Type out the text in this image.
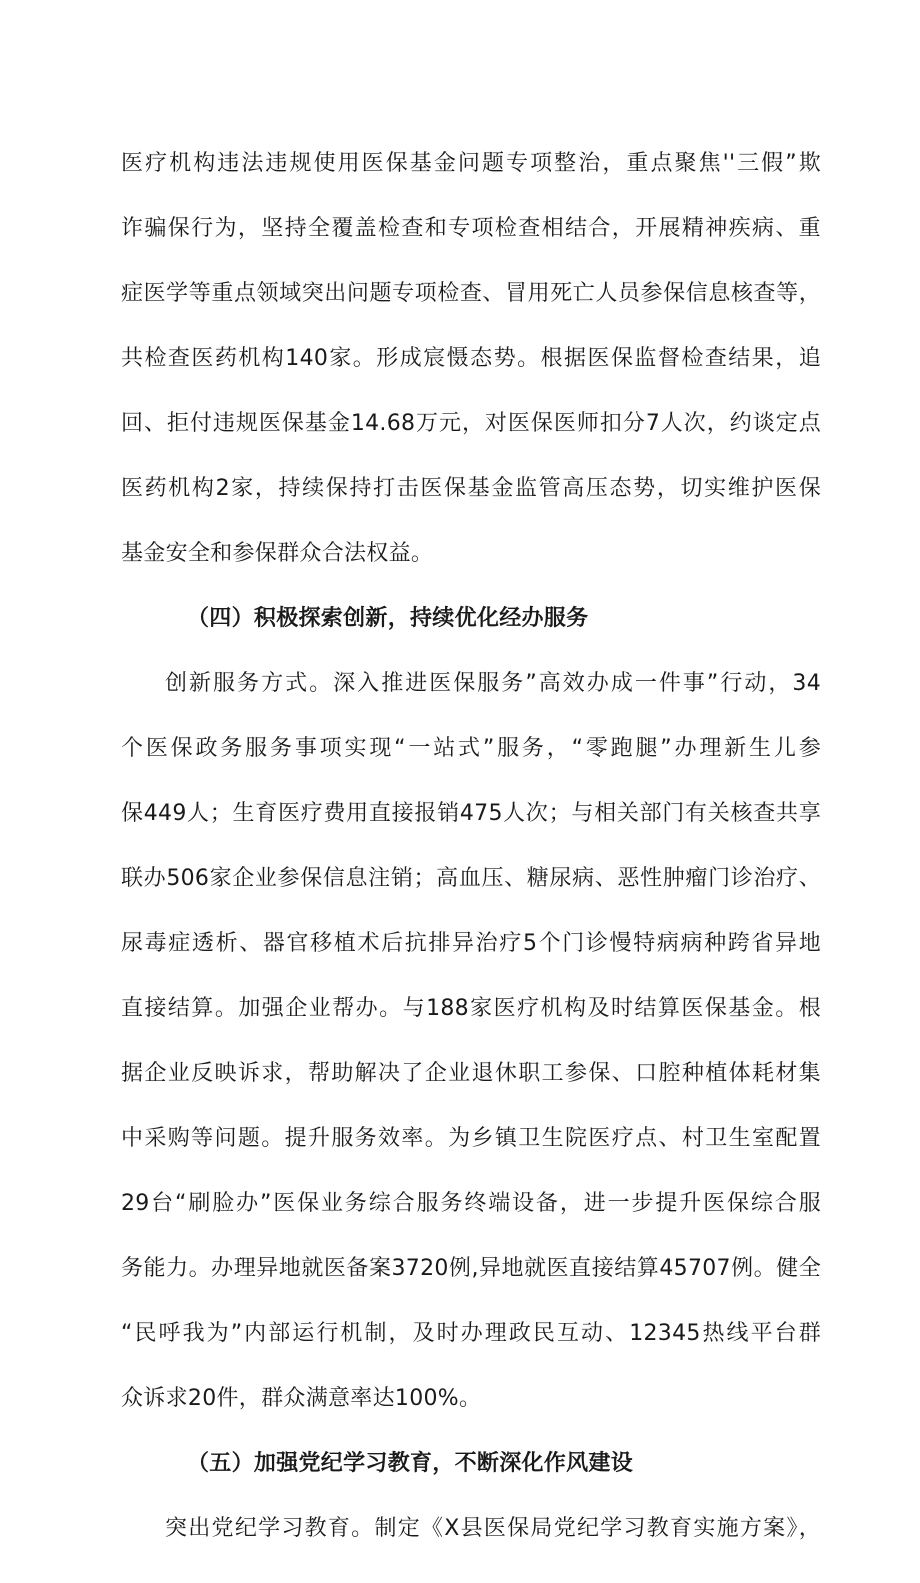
医疗机构违法违规使用医保基金问题专项整治，重点聚焦''三假”欺
诈骗保行为，坚持全覆盖检查和专项检查相结合，开展精神疾病、重
症医学等重点领域突出问题专项检查、冒用死亡人员参保信息核查等，
共检查医药机构140家。形成宸慑态势。根据医保监督检查结果，追
回、拒付违规医保基金14.68万元，对医保医师扣分7人次，约谈定点
医药机构2家，持续保持打击医保基金监管高压态势，切实维护医保
基金安全和参保群众合法权益。
（四）积极探索创新，持续优化经办服务
创新服务方式。深入推进医保服务”高效办成一件事”行动，34
个医保政务服务事项实现“一站式”服务，“零跑腿”办理新生儿参
保449人；生育医疗费用直接报销475人次；与相关部门有关核查共享
联办506家企业参保信息注销；高血压、糖尿病、恶性肿瘤门诊治疗、
尿毒症透析、器官移植术后抗排异治疗5个门诊慢特病病种跨省异地
直接结算。加强企业帮办。与188家医疗机构及时结算医保基金。根
据企业反映诉求，帮助解决了企业退休职工参保、口腔种植体耗材集
中采购等问题。提升服务效率。为乡镇卫生院医疗点、村卫生室配置
29台“刷脸办”医保业务综合服务终端设备，进一步提升医保综合服
务能力。办理异地就医备案3720例,异地就医直接结算45707例。健全
“民呼我为”内部运行机制，及时办理政民互动、12345热线平台群
众诉求20件，群众满意率达100%。
（五）加强党纪学习教育，不断深化作风建设
突出党纪学习教育。制定《X县医保局党纪学习教育实施方案》，
